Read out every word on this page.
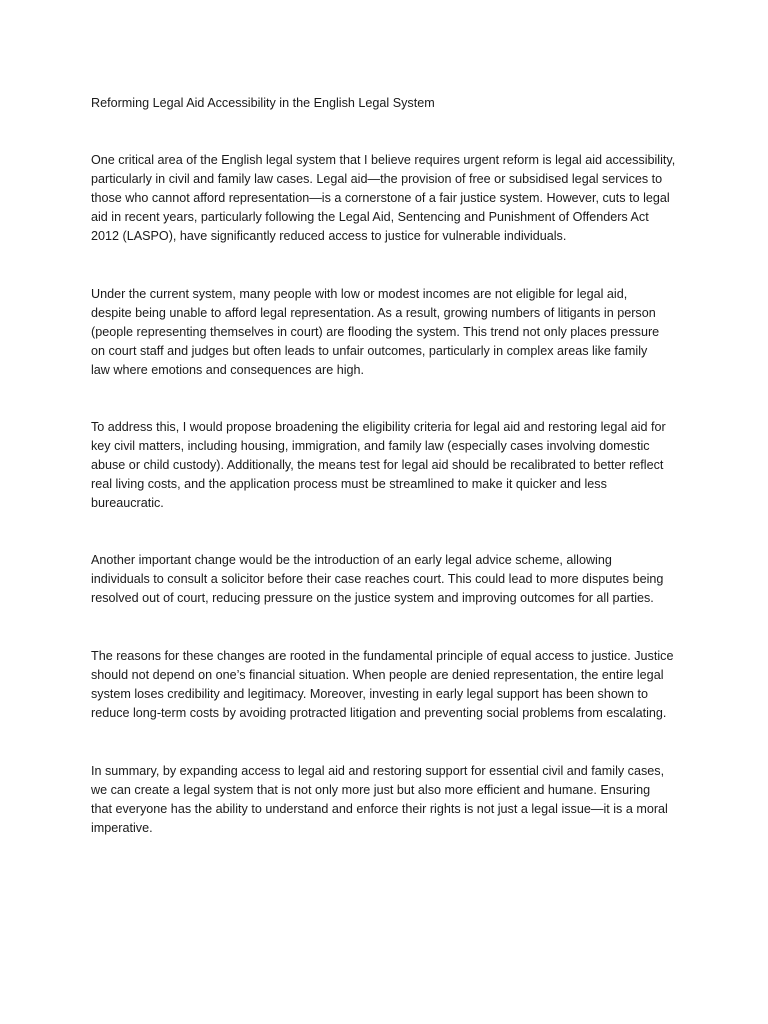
Reforming Legal Aid Accessibility in the English Legal System
One critical area of the English legal system that I believe requires urgent reform is legal aid accessibility,
particularly in civil and family law cases. Legal aid—the provision of free or subsidised legal services to
those who cannot afford representation—is a cornerstone of a fair justice system. However, cuts to legal
aid in recent years, particularly following the Legal Aid, Sentencing and Punishment of Offenders Act
2012 (LASPO), have significantly reduced access to justice for vulnerable individuals.
Under the current system, many people with low or modest incomes are not eligible for legal aid,
despite being unable to afford legal representation. As a result, growing numbers of litigants in person
(people representing themselves in court) are flooding the system. This trend not only places pressure
on court staff and judges but often leads to unfair outcomes, particularly in complex areas like family
law where emotions and consequences are high.
To address this, I would propose broadening the eligibility criteria for legal aid and restoring legal aid for
key civil matters, including housing, immigration, and family law (especially cases involving domestic
abuse or child custody). Additionally, the means test for legal aid should be recalibrated to better reflect
real living costs, and the application process must be streamlined to make it quicker and less
bureaucratic.
Another important change would be the introduction of an early legal advice scheme, allowing
individuals to consult a solicitor before their case reaches court. This could lead to more disputes being
resolved out of court, reducing pressure on the justice system and improving outcomes for all parties.
The reasons for these changes are rooted in the fundamental principle of equal access to justice. Justice
should not depend on one’s financial situation. When people are denied representation, the entire legal
system loses credibility and legitimacy. Moreover, investing in early legal support has been shown to
reduce long-term costs by avoiding protracted litigation and preventing social problems from escalating.
In summary, by expanding access to legal aid and restoring support for essential civil and family cases,
we can create a legal system that is not only more just but also more efficient and humane. Ensuring
that everyone has the ability to understand and enforce their rights is not just a legal issue—it is a moral
imperative.
